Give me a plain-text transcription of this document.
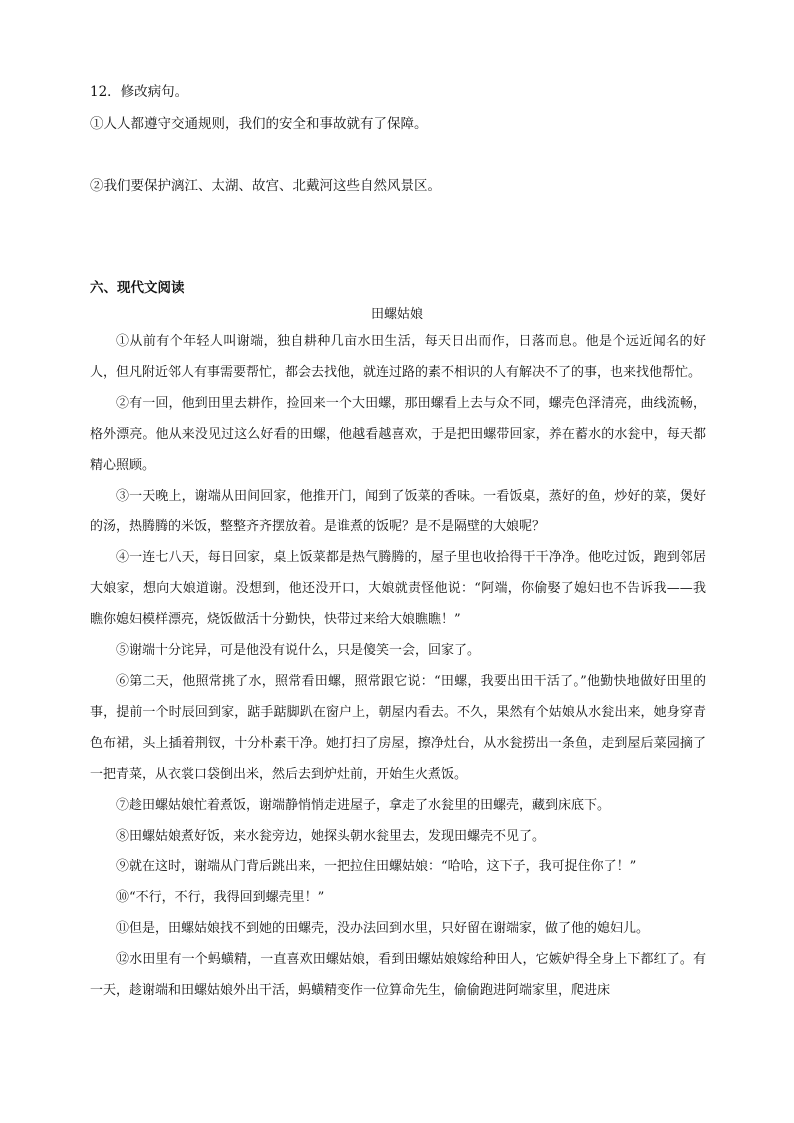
12．修改病句。
①人人都遵守交通规则，我们的安全和事故就有了保障。
②我们要保护漓江、太湖、故宫、北戴河这些自然风景区。
六、现代文阅读
田螺姑娘

①从前有个年轻人叫谢端，独自耕种几亩水田生活，每天日出而作，日落而息。他是个远近闻名的好人，但凡附近邻人有事需要帮忙，都会去找他，就连过路的素不相识的人有解决不了的事，也来找他帮忙。

②有一回，他到田里去耕作，捡回来一个大田螺，那田螺看上去与众不同，螺壳色泽清亮，曲线流畅，格外漂亮。他从来没见过这么好看的田螺，他越看越喜欢，于是把田螺带回家，养在蓄水的水瓮中，每天都精心照顾。

③一天晚上，谢端从田间回家，他推开门，闻到了饭菜的香味。一看饭桌，蒸好的鱼，炒好的菜，煲好的汤，热腾腾的米饭，整整齐齐摆放着。是谁煮的饭呢？是不是隔壁的大娘呢？

④一连七八天，每日回家，桌上饭菜都是热气腾腾的，屋子里也收拾得干干净净。他吃过饭，跑到邻居大娘家，想向大娘道谢。没想到，他还没开口，大娘就责怪他说：“阿端，你偷娶了媳妇也不告诉我——我瞧你媳妇模样漂亮，烧饭做活十分勤快，快带过来给大娘瞧瞧！”

⑤谢端十分诧异，可是他没有说什么，只是傻笑一会，回家了。

⑥第二天，他照常挑了水，照常看田螺，照常跟它说：“田螺，我要出田干活了。”他勤快地做好田里的事，提前一个时辰回到家，踮手踮脚趴在窗户上，朝屋内看去。不久，果然有个姑娘从水瓮出来，她身穿青色布裙，头上插着荆钗，十分朴素干净。她打扫了房屋，擦净灶台，从水瓮捞出一条鱼，走到屋后菜园摘了一把青菜，从衣裳口袋倒出米，然后去到炉灶前，开始生火煮饭。

⑦趁田螺姑娘忙着煮饭，谢端静悄悄走进屋子，拿走了水瓮里的田螺壳，藏到床底下。

⑧田螺姑娘煮好饭，来水瓮旁边，她探头朝水瓮里去，发现田螺壳不见了。

⑨就在这时，谢端从门背后跳出来，一把拉住田螺姑娘：“哈哈，这下子，我可捉住你了！”

⑩“不行，不行，我得回到螺壳里！”

⑪但是，田螺姑娘找不到她的田螺壳，没办法回到水里，只好留在谢端家，做了他的媳妇儿。

⑫水田里有一个蚂蟥精，一直喜欢田螺姑娘，看到田螺姑娘嫁给种田人，它嫉妒得全身上下都红了。有一天，趁谢端和田螺姑娘外出干活，蚂蟥精变作一位算命先生，偷偷跑进阿端家里，爬进床
